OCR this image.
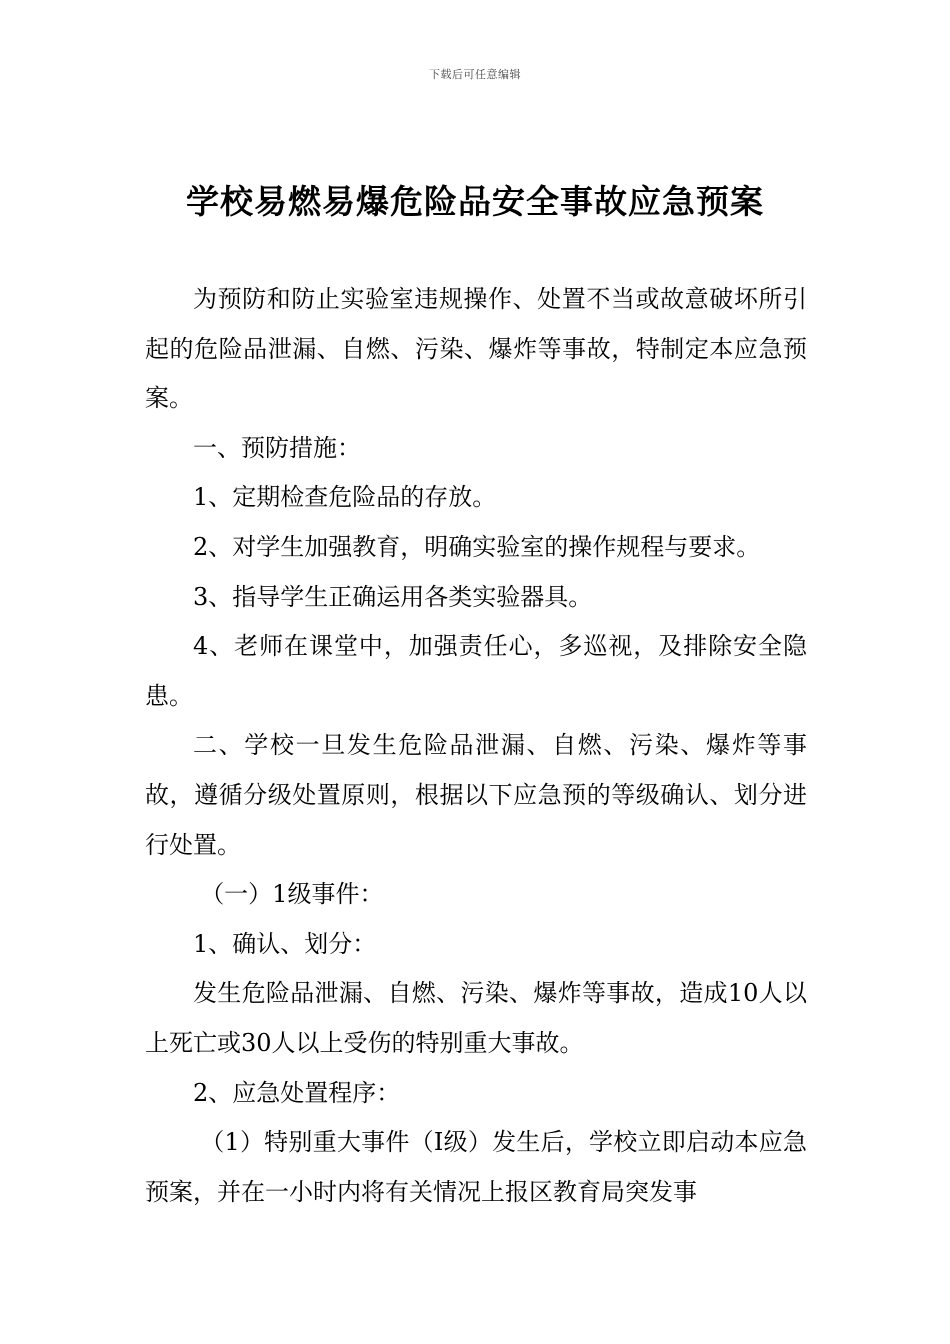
下载后可任意编辑
学校易燃易爆危险品安全事故应急预案

为预防和防止实验室违规操作、处置不当或故意破坏所引起的危险品泄漏、自燃、污染、爆炸等事故，特制定本应急预案。

一、预防措施：

1、定期检查危险品的存放。

2、对学生加强教育，明确实验室的操作规程与要求。

3、指导学生正确运用各类实验器具。

4、老师在课堂中，加强责任心，多巡视，及排除安全隐患。

二、学校一旦发生危险品泄漏、自燃、污染、爆炸等事故，遵循分级处置原则，根据以下应急预的等级确认、划分进行处置。

（一）1级事件：

1、确认、划分：

发生危险品泄漏、自燃、污染、爆炸等事故，造成10人以上死亡或30人以上受伤的特别重大事故。

2、应急处置程序：

（1）特别重大事件（I级）发生后，学校立即启动本应急预案，并在一小时内将有关情况上报区教育局突发事
